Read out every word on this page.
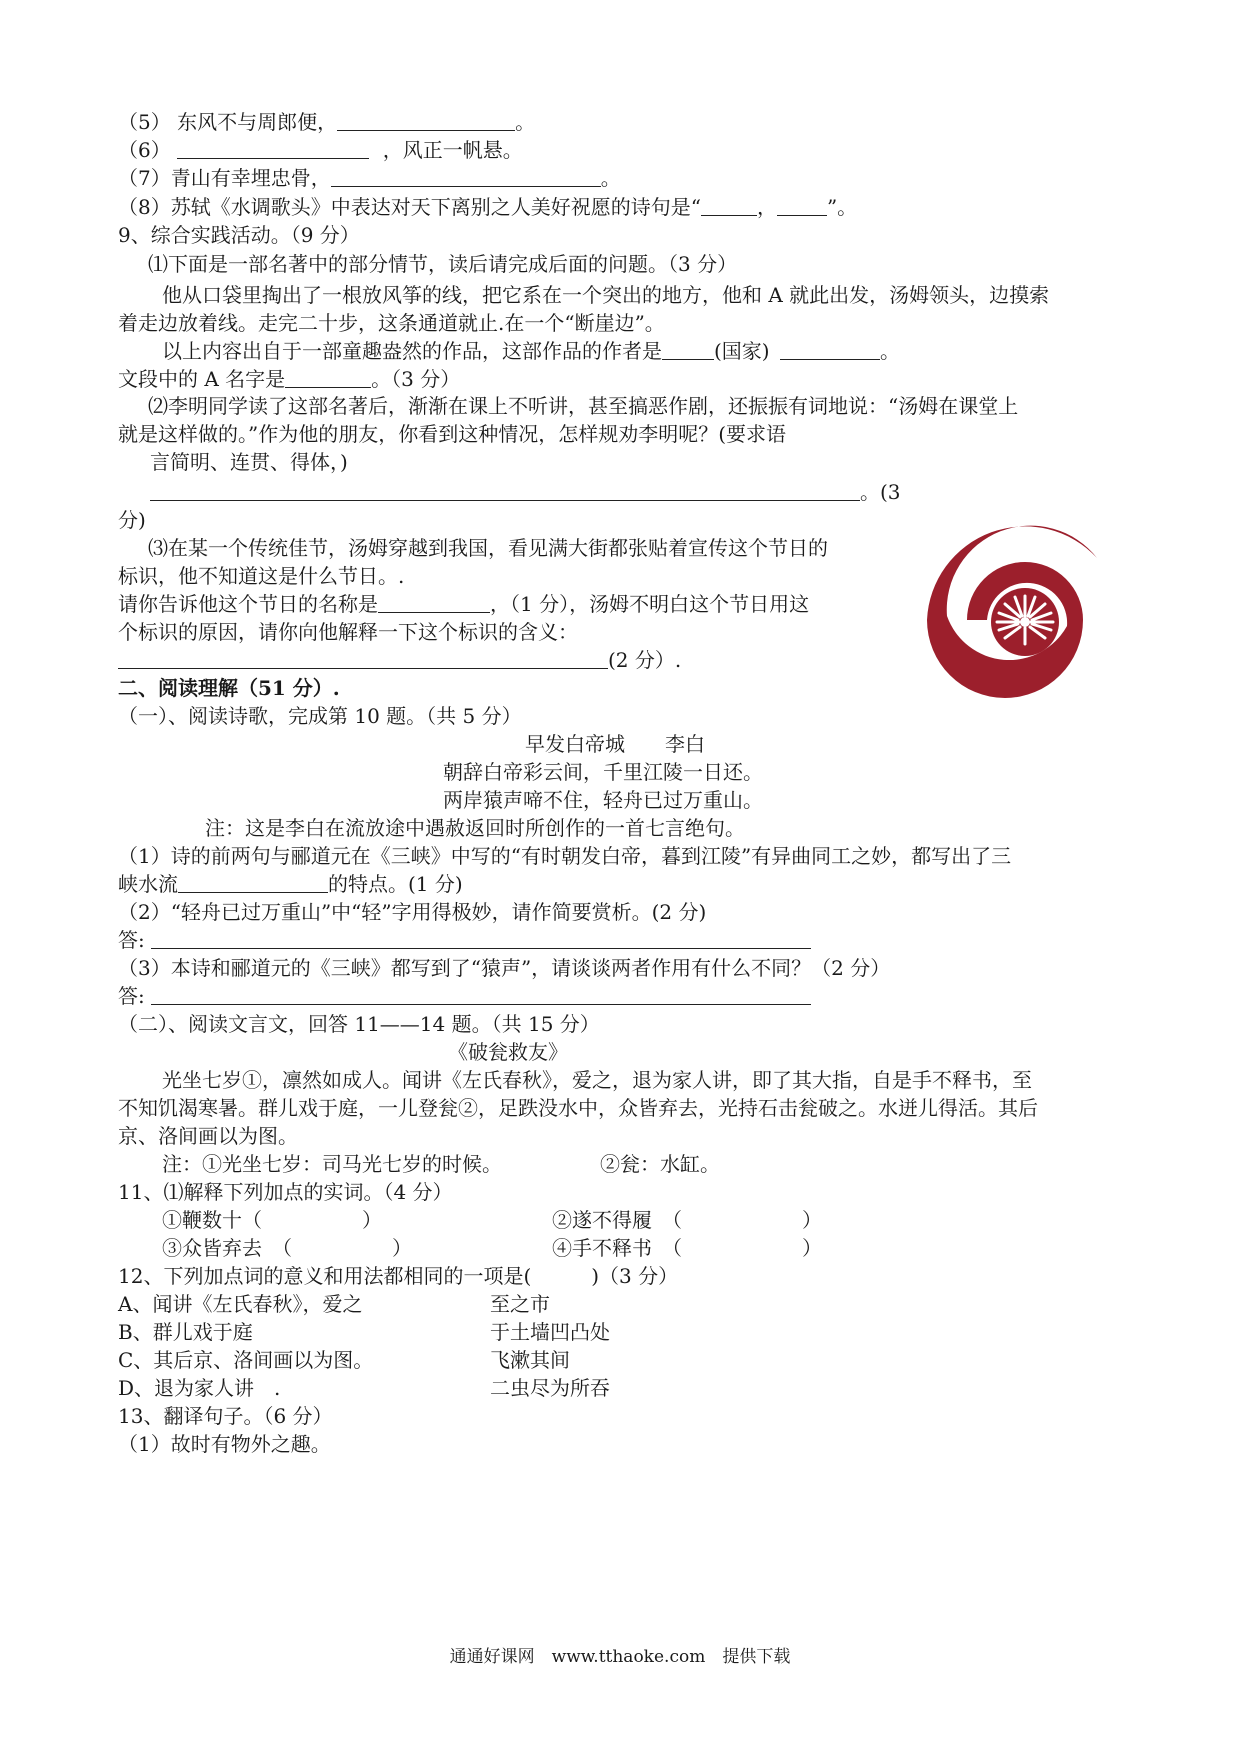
（5） 东风不与周郎便，	。
（6）	，风正一帆悬。
（7）青山有幸埋忠骨，	。
（8）苏轼《水调歌头》中表达对天下离别之人美好祝愿的诗句是“	，	”。
9、综合实践活动。（9 分）
⑴下面是一部名著中的部分情节，读后请完成后面的问题。（3 分）
他从口袋里掏出了一根放风筝的线，把它系在一个突出的地方，他和 A 就此出发，汤姆领头，边摸索
着走边放着线。走完二十步，这条通道就止.在一个“断崖边”。
以上内容出自于一部童趣盎然的作品，这部作品的作者是	(国家)	。
文段中的 A 名字是	。（3 分）
⑵李明同学读了这部名著后，渐渐在课上不听讲，甚至搞恶作剧，还振振有词地说：“汤姆在课堂上
就是这样做的。”作为他的朋友，你看到这种情况，怎样规劝李明呢？(要求语
言简明、连贯、得体，)
。(3
分)
⑶在某一个传统佳节，汤姆穿越到我国，看见满大街都张贴着宣传这个节日的
标识，他不知道这是什么节日。.
请你告诉他这个节日的名称是	，（1 分），汤姆不明白这个节日用这
个标识的原因，请你向他解释一下这个标识的含义：
(2 分）.
二、阅读理解（51 分）.
（一）、阅读诗歌，完成第 10 题。（共 5 分）
早发白帝城　　李白
朝辞白帝彩云间，千里江陵一日还。
两岸猿声啼不住，轻舟已过万重山。
注：这是李白在流放途中遇赦返回时所创作的一首七言绝句。
（1）诗的前两句与郦道元在《三峡》中写的“有时朝发白帝，暮到江陵”有异曲同工之妙，都写出了三
峡水流	的特点。(1 分)
（2）“轻舟已过万重山”中“轻”字用得极妙，请作简要赏析。(2 分)
答:
（3）本诗和郦道元的《三峡》都写到了“猿声”，请谈谈两者作用有什么不同？（2 分）
答:
（二）、阅读文言文，回答 11——14 题。（共 15 分）
《破瓮救友》
光坐七岁①，凛然如成人。闻讲《左氏春秋》，爱之，退为家人讲，即了其大指，自是手不释书，至
不知饥渴寒暑。群儿戏于庭，一儿登瓮②，足跌没水中，众皆弃去，光持石击瓮破之。水迸儿得活。其后
京、洛间画以为图。
注：①光坐七岁：司马光七岁的时候。	②瓮：水缸。
11、⑴解释下列加点的实词。（4 分）
①鞭数十（　　　　　）	②遂不得履　（　　　　　　）
③众皆弃去　（　　　　　）	④手不释书　（　　　　　　）
12、下列加点词的意义和用法都相同的一项是(　　　)（3 分）
A、闻讲《左氏春秋》，爱之	至之市
B、群儿戏于庭	于土墙凹凸处
C、其后京、洛间画以为图。	飞漱其间
D、退为家人讲　.	二虫尽为所吞
13、翻译句子。（6 分）
（1）故时有物外之趣。
通通好课网　www.tthaoke.com　提供下载
